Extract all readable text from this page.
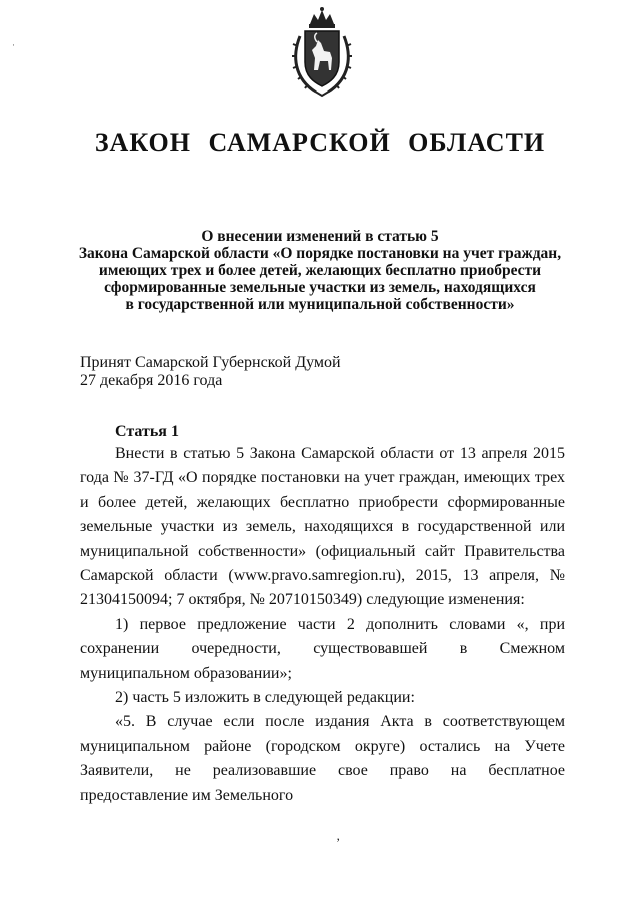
·
ЗАКОН САМАРСКОЙ ОБЛАСТИ
О внесении изменений в статью 5
Закона Самарской области «О порядке постановки на учет граждан,
имеющих трех и более детей, желающих бесплатно приобрести
сформированные земельные участки из земель, находящихся
в государственной или муниципальной собственности»
Принят Самарской Губернской Думой
27 декабря 2016 года
Статья 1

Внести в статью 5 Закона Самарской области от 13 апреля 2015 года № 37-ГД «О порядке постановки на учет граждан, имеющих трех и более детей, желающих бесплатно приобрести сформированные земельные участки из земель, находящихся в государственной или муниципальной собственности» (официальный сайт Правительства Самарской области (www.pravo.samregion.ru), 2015, 13 апреля, № 21304150094; 7 октября, № 20710150349) следующие изменения:

1) первое предложение части 2 дополнить словами «, при сохранении очередности, существовавшей в Смежном муниципальном образовании»;

2) часть 5 изложить в следующей редакции:

«5. В случае если после издания Акта в соответствующем муниципальном районе (городском округе) остались на Учете Заявители, не реализовавшие свое право на бесплатное предоставление им Земельного

‚
